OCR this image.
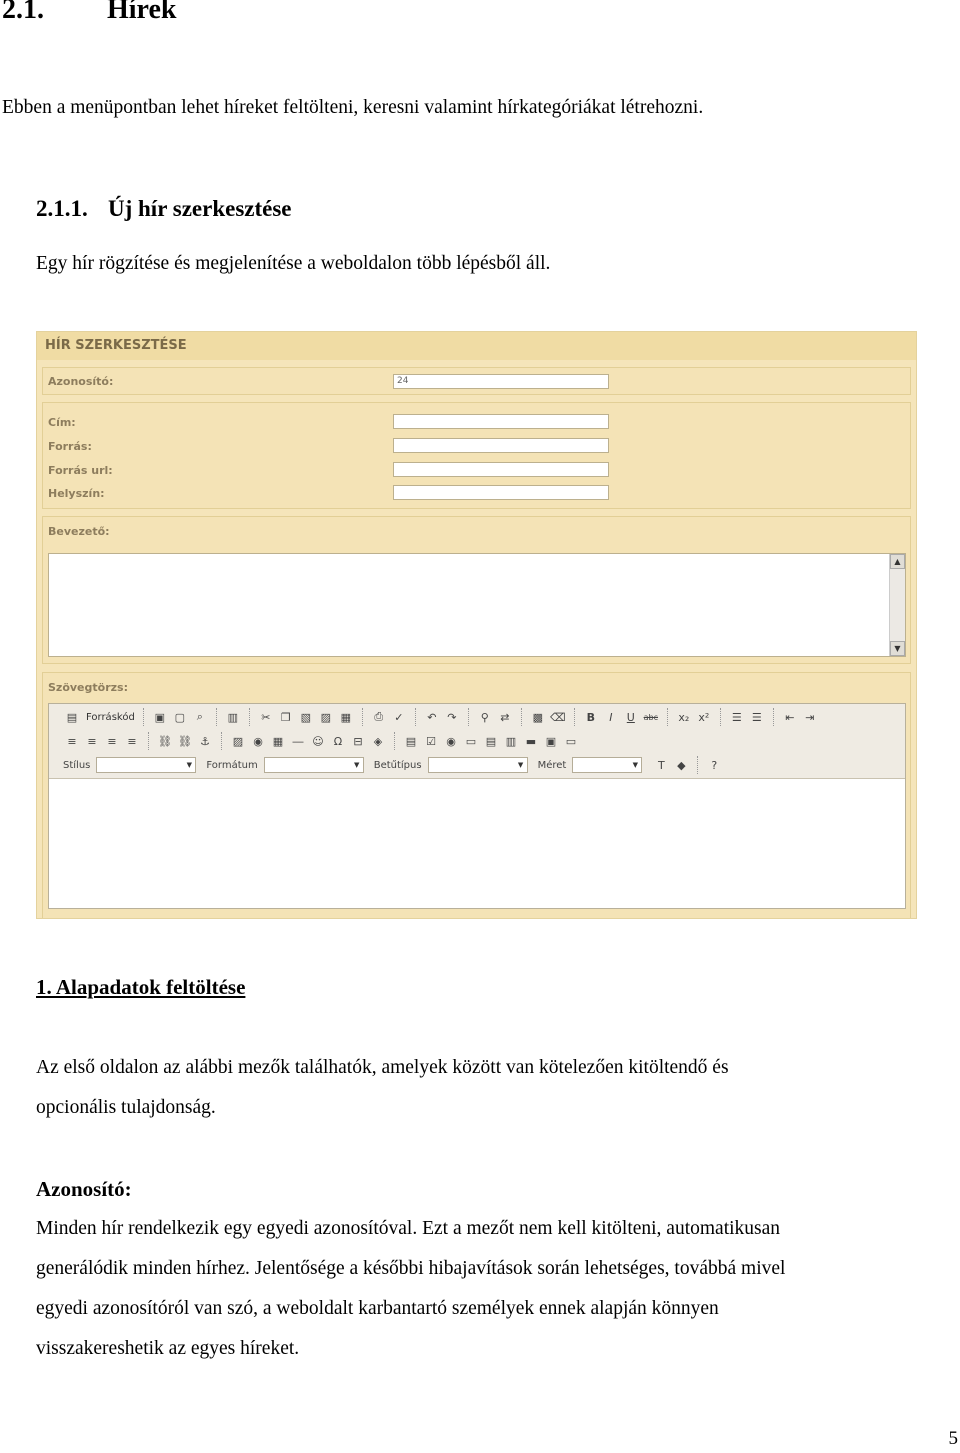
2.1. Hírek
Ebben a menüpontban lehet híreket feltölteni, keresni valamint hírkategóriákat létrehozni.
2.1.1. Új hír szerkesztése
Egy hír rögzítése és megjelenítése a weboldalon több lépésből áll.
HÍR SZERKESZTÉSE
Azonosító:	24
Cím:
Forrás:
Forrás url:
Helyszín:
Bevezető:
▲
▼
Szövegtörzs:
▤ Forráskód	▣ ▢	⌕	▥	✂ ❐ ▧ ▨ ▦	⎙ ✓	↶ ↷	⚲	⇄	▩ ⌫	B	I	U	abc	x₂ x²	☰ ☰	⇤ ⇥
≡ ≡ ≡ ≡	⛓ ⛓ ⚓	▨ ◉ ▦ ― ☺ Ω	⊟	◈	▤ ☑ ◉ ▭ ▤ ▥ ▬ ▣ ▭
Stílus	▼	Formátum	▼	Betűtípus	▼	Méret	▼	T	◆	?
1. Alapadatok feltöltése
Az első oldalon az alábbi mezők találhatók, amelyek között van kötelezően kitöltendő és
opcionális tulajdonság.
Azonosító:
Minden hír rendelkezik egy egyedi azonosítóval. Ezt a mezőt nem kell kitölteni, automatikusan
generálódik minden hírhez. Jelentősége a későbbi hibajavítások során lehetséges, továbbá mivel
egyedi azonosítóról van szó, a weboldalt karbantartó személyek ennek alapján könnyen
visszakereshetik az egyes híreket.
5
